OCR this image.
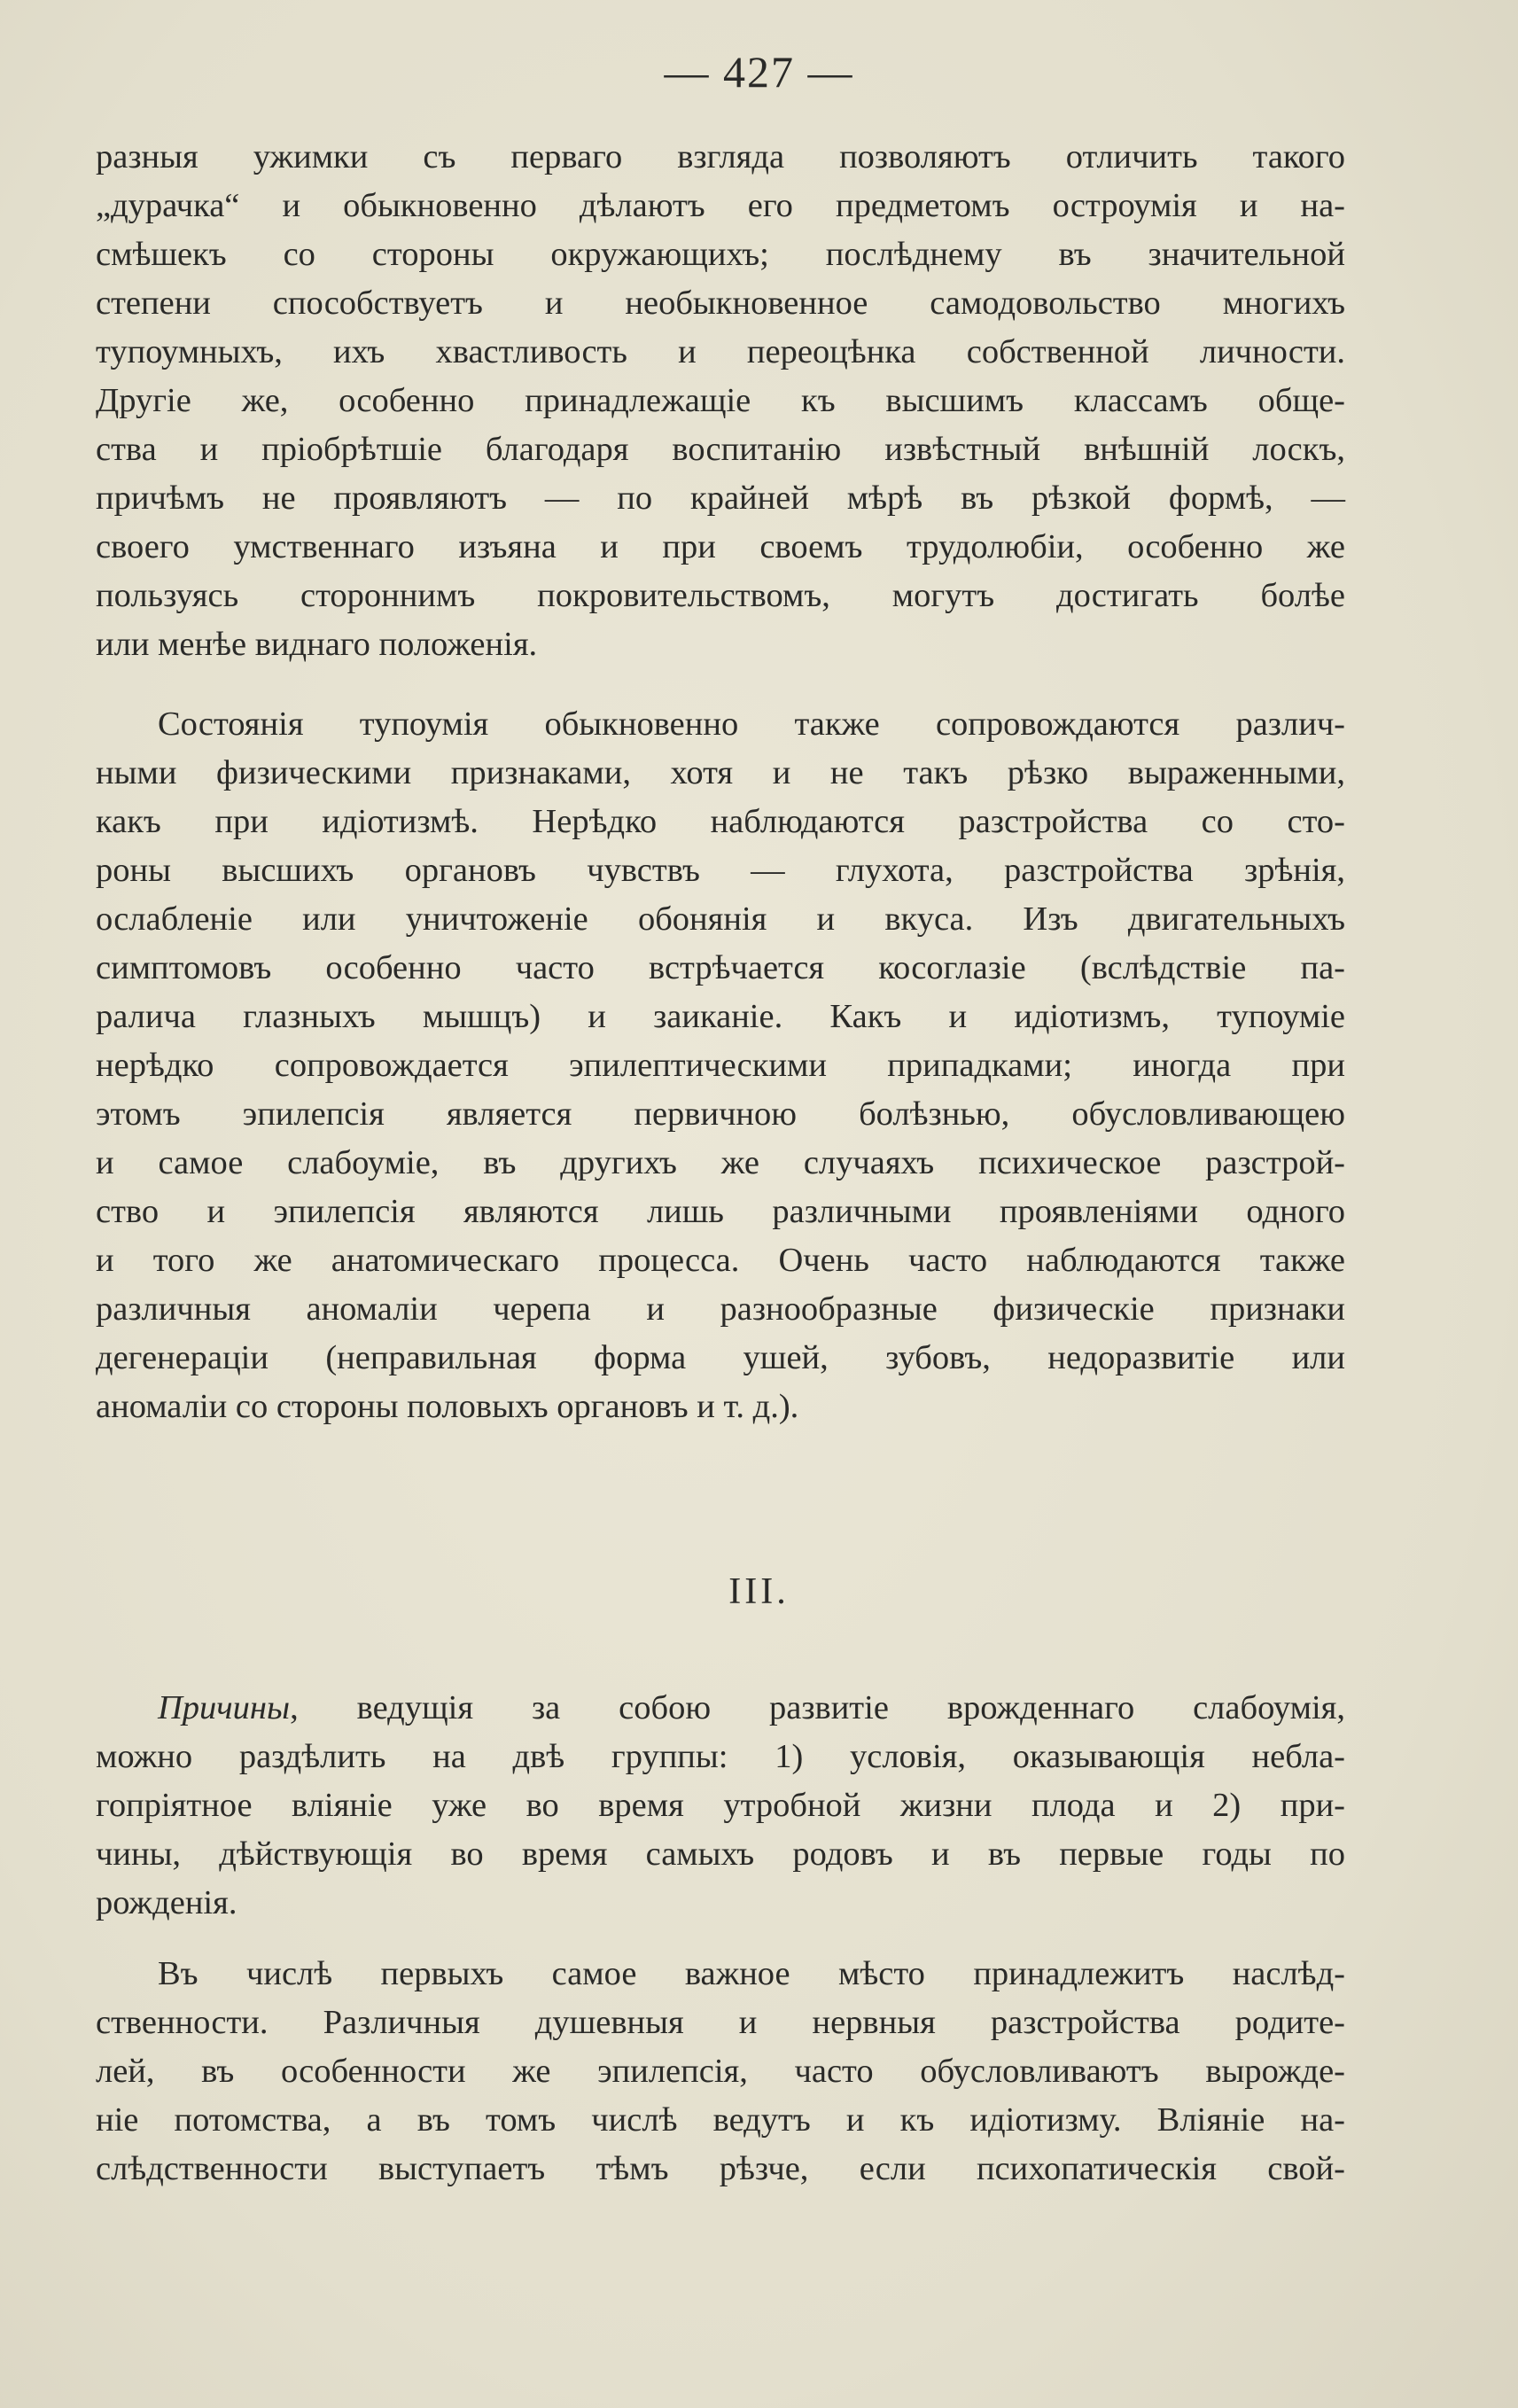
— 427 —

разныя ужимки съ перваго взгляда позволяютъ отличить такого

„дурачка“ и обыкновенно дѣлаютъ его предметомъ остроумія и на-

смѣшекъ со стороны окружающихъ; послѣднему въ значительной

степени способствуетъ и необыкновенное самодовольство многихъ

тупоумныхъ, ихъ хвастливость и переоцѣнка собственной личности.

Другіе же, особенно принадлежащіе къ высшимъ классамъ обще-

ства и пріобрѣтшіе благодаря воспитанію извѣстный внѣшній лоскъ,

причѣмъ не проявляютъ — по крайней мѣрѣ въ рѣзкой формѣ, —

своего умственнаго изъяна и при своемъ трудолюбіи, особенно же

пользуясь стороннимъ покровительствомъ, могутъ достигать болѣе

или менѣе виднаго положенія.

Состоянія тупоумія обыкновенно также сопровождаются различ-

ными физическими признаками, хотя и не такъ рѣзко выраженными,

какъ при идіотизмѣ. Нерѣдко наблюдаются разстройства со сто-

роны высшихъ органовъ чувствъ — глухота, разстройства зрѣнія,

ослабленіе или уничтоженіе обонянія и вкуса. Изъ двигательныхъ

симптомовъ особенно часто встрѣчается косоглазіе (вслѣдствіе па-

ралича глазныхъ мышцъ) и заиканіе. Какъ и идіотизмъ, тупоуміе

нерѣдко сопровождается эпилептическими припадками; иногда при

этомъ эпилепсія является первичною болѣзнью, обусловливающею

и самое слабоуміе, въ другихъ же случаяхъ психическое разстрой-

ство и эпилепсія являются лишь различными проявленіями одного

и того же анатомическаго процесса. Очень часто наблюдаются также

различныя аномаліи черепа и разнообразные физическіе признаки

дегенераціи (неправильная форма ушей, зубовъ, недоразвитіе или

аномаліи со стороны половыхъ органовъ и т. д.).

III.

Причины, ведущія за собою развитіе врожденнаго слабоумія,

можно раздѣлить на двѣ группы: 1) условія, оказывающія небла-

гопріятное вліяніе уже во время утробной жизни плода и 2) при-

чины, дѣйствующія во время самыхъ родовъ и въ первые годы по

рожденія.

Въ числѣ первыхъ самое важное мѣсто принадлежитъ наслѣд-

ственности. Различныя душевныя и нервныя разстройства родите-

лей, въ особенности же эпилепсія, часто обусловливаютъ вырожде-

ніе потомства, а въ томъ числѣ ведутъ и къ идіотизму. Вліяніе на-

слѣдственности выступаетъ тѣмъ рѣзче, если психопатическія свой-
